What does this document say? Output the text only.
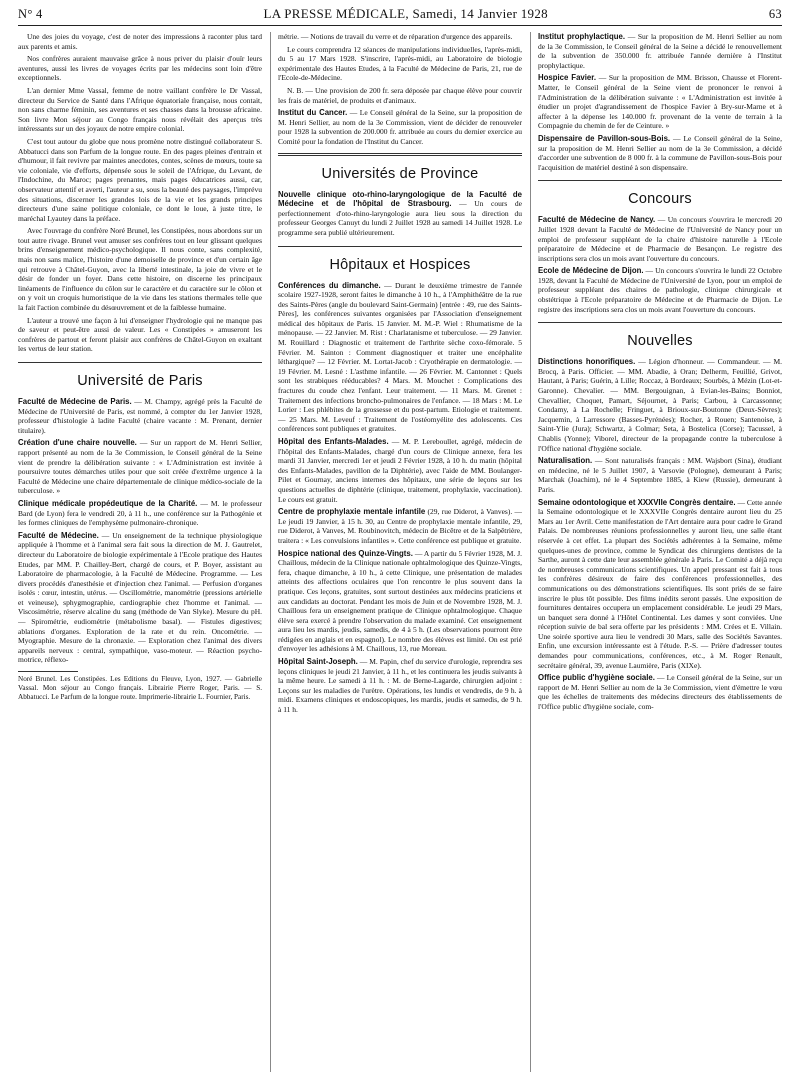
N° 4	LA PRESSE MÉDICALE, Samedi, 14 Janvier 1928	63

Une des joies du voyage, c'est de noter des impressions à raconter plus tard aux parents et amis.

Nos confrères auraient mauvaise grâce à nous priver du plaisir d'ouïr leurs aventures, aussi les livres de voyages écrits par les médecins sont loin d'être exceptionnels.

L'an dernier Mme Vassal, femme de notre vaillant confrère le Dr Vassal, directeur du Service de Santé dans l'Afrique équatoriale française, nous contait, non sans charme féminin, ses aventures et ses chasses dans la brousse africaine. Son livre Mon séjour au Congo français nous révélait des aperçus très intéressants sur un des joyaux de notre empire colonial.

C'est tout autour du globe que nous promène notre distingué collaborateur S. Abbatucci dans son Parfum de la longue route. En des pages pleines d'entrain et d'humour, il fait revivre par maintes anecdotes, contes, scènes de mœurs, toute sa vie coloniale, vie d'efforts, dépensée sous le soleil de l'Afrique, du Levant, de l'Indochine, du Maroc; pages prenantes, mais pages éducatrices aussi, car, observateur attentif et averti, l'auteur a su, sous la beauté des paysages, l'imprévu des situations, discerner les grandes lois de la vie et les grands principes directeurs d'une saine politique coloniale, ce dont le loue, à juste titre, le maréchal Lyautey dans la préface.

Avec l'ouvrage du confrère Noré Brunel, les Constipées, nous abordons sur un tout autre rivage. Brunel veut amuser ses confrères tout en leur glissant quelques brins d'enseignement médico-psychologique. Il nous conte, sans complexité, mais non sans malice, l'histoire d'une demoiselle de province et d'un certain âge qui retrouve à Châtel-Guyon, avec la liberté intestinale, la joie de vivre et le désir de fonder un foyer. Dans cette histoire, on discerne les principaux linéaments de l'influence du côlon sur le caractère et du caractère sur le côlon et on y voit un croquis humoristique de la vie dans les stations thermales telle que la fait l'action combinée du désœuvrement et de la faiblesse humaine.

L'auteur a trouvé une façon à lui d'enseigner l'hydrologie qui ne manque pas de saveur et peut-être aussi de valeur. Les « Constipées » amuseront les confrères de partout et feront plaisir aux confrères de Châtel-Guyon en exaltant les vertus de leur station.

Université de Paris

Faculté de Médecine de Paris. — M. Champy, agrégé près la Faculté de Médecine de l'Université de Paris, est nommé, à compter du 1er Janvier 1928, professeur d'histologie à ladite Faculté (chaire vacante : M. Prenant, dernier titulaire).

Création d'une chaire nouvelle. — Sur un rapport de M. Henri Sellier, rapport présenté au nom de la 3e Commission, le Conseil général de la Seine vient de prendre la délibération suivante : « L'Administration est invitée à poursuivre toutes démarches utiles pour que soit créée d'extrême urgence à la Faculté de Médecine une chaire départementale de clinique médico-sociale de la tuberculose. »

Clinique médicale propédeutique de la Charité. — M. le professeur Bard (de Lyon) fera le vendredi 20, à 11 h., une conférence sur la Pathogénie et les formes cliniques de l'emphysème pulmonaire-chronique.

Faculté de Médecine. — Un enseignement de la technique physiologique appliquée à l'homme et à l'animal sera fait sous la direction de M. J. Gautrelet, directeur du Laboratoire de biologie expérimentale à l'Ecole pratique des Hautes Etudes, par MM. P. Chailley-Bert, chargé de cours, et P. Boyer, assistant au Laboratoire de pharmacologie, à la Faculté de Médecine. Programme. — Les divers procédés d'anesthésie et d'injection chez l'animal. — Perfusion d'organes isolés : cœur, intestin, utérus. — Oscillométrie, manométrie (pressions artérielle et veineuse), sphygmographie, cardiographie chez l'homme et l'animal. — Viscosimétrie, réserve alcaline du sang (méthode de Van Slyke). Mesure du pH. — Spirométrie, eudiométrie (métabolisme basal). — Fistules digestives; ablations d'organes. Exploration de la rate et du rein. Oncométrie. — Myographie. Mesure de la chronaxie. — Exploration chez l'animal des divers appareils nerveux : central, sympathique, vaso-moteur. — Réaction psycho-motrice, réflexo-

Noré Brunel. Les Constipées. Les Editions du Fleuve, Lyon, 1927. — Gabrielle Vassal. Mon séjour au Congo français. Librairie Pierre Roger, Paris. — S. Abbatucci. Le Parfum de la longue route. Imprimerie-librairie L. Fournier, Paris.

métrie. — Notions de travail du verre et de réparation d'urgence des appareils.

Le cours comprendra 12 séances de manipulations individuelles, l'après-midi, du 5 au 17 Mars 1928. S'inscrire, l'après-midi, au Laboratoire de biologie expérimentale des Hautes Etudes, à la Faculté de Médecine de Paris, 21, rue de l'Ecole-de-Médecine.

N. B. — Une provision de 200 fr. sera déposée par chaque élève pour couvrir les frais de matériel, de produits et d'animaux.

Institut du Cancer. — Le Conseil général de la Seine, sur la proposition de M. Henri Sellier, au nom de la 3e Commission, vient de décider de renouveler pour 1928 la subvention de 200.000 fr. attribuée au cours du dernier exercice au Comité pour la fondation de l'Institut du Cancer.

Universités de Province

Nouvelle clinique oto-rhino-laryngologique de la Faculté de Médecine et de l'hôpital de Strasbourg. — Un cours de perfectionnement d'oto-rhino-laryngologie aura lieu sous la direction du professeur Georges Canuyt du lundi 2 Juillet 1928 au samedi 14 Juillet 1928. Le programme sera publié ultérieurement.

Hôpitaux et Hospices

Conférences du dimanche. — Durant le deuxième trimestre de l'année scolaire 1927-1928, seront faites le dimanche à 10 h., à l'Amphithéâtre de la rue des Saints-Pères (angle du boulevard Saint-Germain) [entrée : 49, rue des Saints-Pères], les conférences suivantes organisées par l'Association d'enseignement médical des hôpitaux de Paris. 15 Janvier. M. M.-P. Wiel : Rhumatisme de la ménopause. — 22 Janvier. M. Rist : Charlatanisme et tuberculose. — 29 Janvier. M. Rouillard : Diagnostic et traitement de l'arthrite sèche coxo-fémorale. 5 Février. M. Sainton : Comment diagnostiquer et traiter une encéphalite léthargique? — 12 Février. M. Lortat-Jacob : Cryothérapie en dermatologie. — 19 Février. M. Lesné : L'asthme infantile. — 26 Février. M. Cantonnet : Quels sont les strabiques rééducables? 4 Mars. M. Mouchet : Complications des fractures du coude chez l'enfant. Leur traitement. — 11 Mars. M. Grenet : Traitement des infections broncho-pulmonaires de l'enfance. — 18 Mars : M. Le Lorier : Les phlébites de la grossesse et du post-partum. Etiologie et traitement. — 25 Mars. M. Leveuf : Traitement de l'ostéomyélite des adolescents. Ces conférences sont publiques et gratuites.

Hôpital des Enfants-Malades. — M. P. Lereboullet, agrégé, médecin de l'hôpital des Enfants-Malades, chargé d'un cours de Clinique annexe, fera les mardi 31 Janvier, mercredi 1er et jeudi 2 Février 1928, à 10 h. du matin (hôpital des Enfants-Malades, pavillon de la Diphtérie), avec l'aide de MM. Boulanger-Pilet et Gournay, anciens internes des hôpitaux, une série de leçons sur les questions actuelles de diphtérie (clinique, traitement, prophylaxie, vaccination). Le cours est gratuit.

Centre de prophylaxie mentale infantile (29, rue Diderot, à Vanves). — Le jeudi 19 Janvier, à 15 h. 30, au Centre de prophylaxie mentale infantile, 29, rue Diderot, à Vanves, M. Roubinovitch, médecin de Bicêtre et de la Salpêtrière, traitera : « Les convulsions infantiles ». Cette conférence est publique et gratuite.

Hospice national des Quinze-Vingts. — A partir du 5 Février 1928, M. J. Chaillous, médecin de la Clinique nationale ophtalmologique des Quinze-Vingts, fera, chaque dimanche, à 10 h., à cette Clinique, une présentation de malades atteints des affections oculaires que l'on rencontre le plus souvent dans la pratique. Ces leçons, gratuites, sont surtout destinées aux médecins praticiens et aux candidats au doctorat. Pendant les mois de Juin et de Novembre 1928, M. J. Chaillous fera un enseignement pratique de Clinique ophtalmologique. Chaque élève sera exercé à prendre l'observation du malade examiné. Cet enseignement aura lieu les mardis, jeudis, samedis, de 4 à 5 h. (Les observations pourront être rédigées en anglais et en espagnol). Le nombre des élèves est limité. On est prié d'envoyer les adhésions à M. Chaillous, 13, rue Moreau.

Hôpital Saint-Joseph. — M. Papin, chef du service d'urologie, reprendra ses leçons cliniques le jeudi 21 Janvier, à 11 h., et les continuera les jeudis suivants à la même heure. Le samedi à 11 h. : M. de Berne-Lagarde, chirurgien adjoint : Leçons sur les maladies de l'urètre. Opérations, les lundis et vendredis, de 9 h. à midi. Examens cliniques et endoscopiques, les mardis, jeudis et samedis, de 9 h. à 11 h.

Institut prophylactique. — Sur la proposition de M. Henri Sellier au nom de la 3e Commission, le Conseil général de la Seine a décidé le renouvellement de la subvention de 350.000 fr. attribuée l'année dernière à l'Institut prophylactique.

Hospice Favier. — Sur la proposition de MM. Brisson, Chausse et Florent-Matter, le Conseil général de la Seine vient de prononcer le renvoi à l'Administration de la délibération suivante : « L'Administration est invitée à étudier un projet d'agrandissement de l'hospice Favier à Bry-sur-Marne et à affecter à la dépense les 140.000 fr. provenant de la vente de terrain à la Compagnie du chemin de fer de Ceinture. »

Dispensaire de Pavillon-sous-Bois. — Le Conseil général de la Seine, sur la proposition de M. Henri Sellier au nom de la 3e Commission, a décidé d'accorder une subvention de 8 000 fr. à la commune de Pavillon-sous-Bois pour l'acquisition de matériel destiné à son dispensaire.

Concours

Faculté de Médecine de Nancy. — Un concours s'ouvrira le mercredi 20 Juillet 1928 devant la Faculté de Médecine de l'Université de Nancy pour un emploi de professeur suppléant de la chaire d'histoire naturelle à l'Ecole préparatoire de Médecine et de Pharmacie de Besançon. Le registre des inscriptions sera clos un mois avant l'ouverture du concours.

Ecole de Médecine de Dijon. — Un concours s'ouvrira le lundi 22 Octobre 1928, devant la Faculté de Médecine de l'Université de Lyon, pour un emploi de professeur suppléant des chaires de pathologie, clinique chirurgicale et obstétrique à l'Ecole préparatoire de Médecine et de Pharmacie de Dijon. Le registre des inscriptions sera clos un mois avant l'ouverture du concours.

Nouvelles

Distinctions honorifiques. — Légion d'honneur. — Commandeur. — M. Brocq, à Paris. Officier. — MM. Abadie, à Oran; Delherm, Feuillié, Grivot, Hautant, à Paris; Guérin, à Lille; Roccaz, à Bordeaux; Sourbès, à Mézin (Lot-et-Garonne). Chevalier. — MM. Bergouignan, à Evian-les-Bains; Bonniot, Chevallier, Choquet, Pamart, Séjournet, à Paris; Carbou, à Carcassonne; Condamy, à La Rochelle; Fringuet, à Brioux-sur-Boutonne (Deux-Sèvres); Jacquemin, à Larressore (Basses-Pyrénées); Rocher, à Rouen; Santenoise, à Saint-Ylie (Jura); Schwartz, à Colmar; Seta, à Bostelica (Corse); Tacussel, à Chablis (Yonne); Viborel, directeur de la propagande contre la tuberculose à l'Office national d'hygiène sociale.

Naturalisation. — Sont naturalisés français : MM. Wajsbort (Sina), étudiant en médecine, né le 5 Juillet 1907, à Varsovie (Pologne), demeurant à Paris; Marchak (Joachim), né le 4 Septembre 1885, à Kiew (Russie), demeurant à Paris.

Semaine odontologique et XXXVIIe Congrès dentaire. — Cette année la Semaine odontologique et le XXXVIIe Congrès dentaire auront lieu du 25 Mars au 1er Avril. Cette manifestation de l'Art dentaire aura pour cadre le Grand Palais. De nombreuses réunions professionnelles y auront lieu, une salle étant réservée à cet effet. La plupart des Sociétés adhérentes à la Semaine, même quelques-unes de province, comme le Syndicat des chirurgiens dentistes de la Sarthe, auront à cette date leur assemblée générale à Paris. Le Comité a déjà reçu de nombreuses communications scientifiques. Un appel pressant est fait à tous les confrères désireux de faire des conférences professionnelles, des communications ou des démonstrations scientifiques. Ils sont priés de se faire inscrire le plus tôt possible. Des films inédits seront passés. Une exposition de fournitures dentaires occupera un emplacement considérable. Le jeudi 29 Mars, un banquet sera donné à l'Hôtel Continental. Les dames y sont conviées. Une réception suivie de bal sera offerte par les présidents : MM. Crées et E. Villain. Une soirée sportive aura lieu le vendredi 30 Mars, salle des Sociétés Savantes. Enfin, une excursion intéressante est à l'étude. P.-S. — Prière d'adresser toutes demandes pour communications, conférences, etc., à M. Roger Renault, secrétaire général, 39, avenue Laumière, Paris (XIXe).

Office public d'hygiène sociale. — Le Conseil général de la Seine, sur un rapport de M. Henri Sellier au nom de la 3e Commission, vient d'émettre le vœu que les échelles de traitements des médecins directeurs des établissements de l'Office public d'hygiène sociale, com-
